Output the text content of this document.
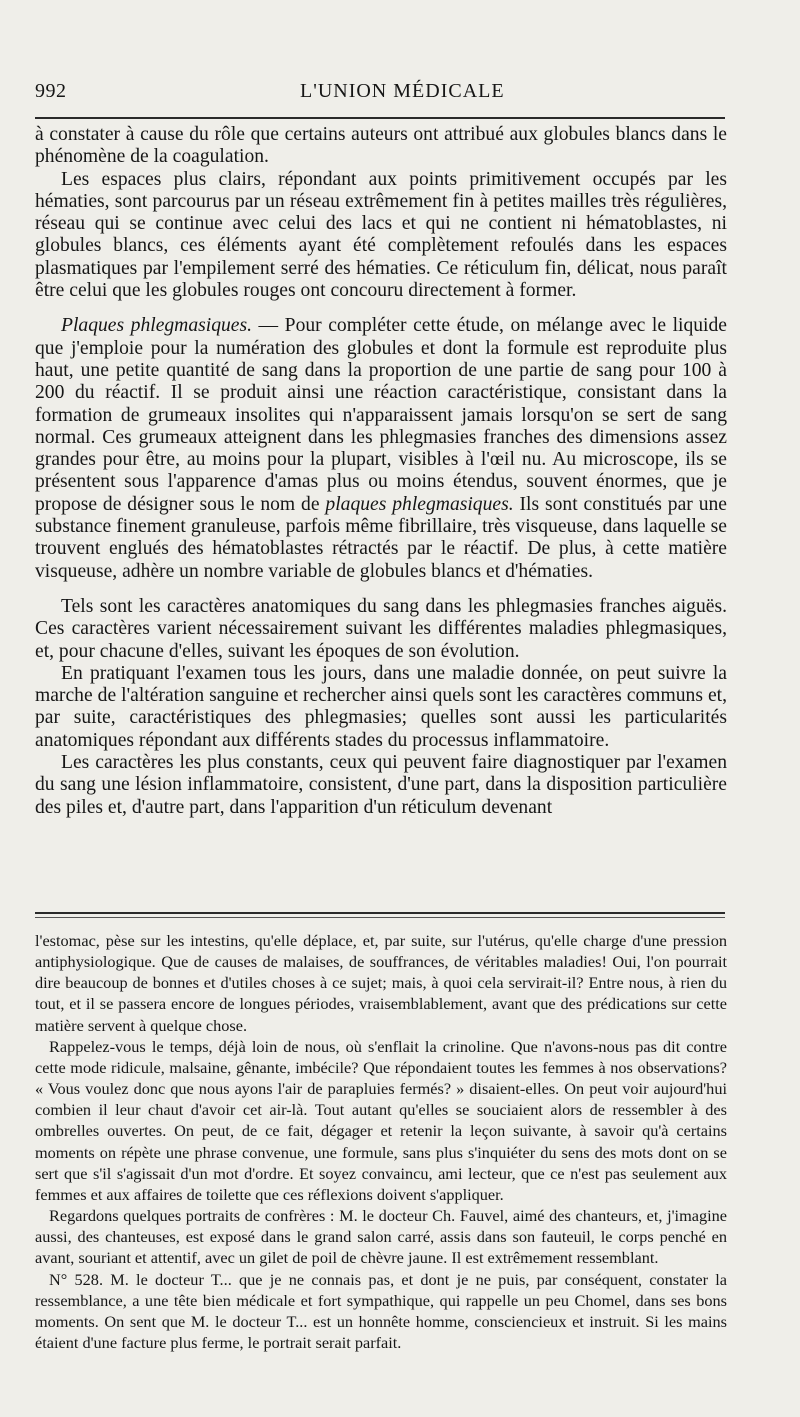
992	L'UNION MÉDICALE

à constater à cause du rôle que certains auteurs ont attribué aux globules blancs dans le phénomène de la coagulation.

Les espaces plus clairs, répondant aux points primitivement occupés par les hématies, sont parcourus par un réseau extrêmement fin à petites mailles très régulières, réseau qui se continue avec celui des lacs et qui ne contient ni hématoblastes, ni globules blancs, ces éléments ayant été complètement refoulés dans les espaces plasmatiques par l'empilement serré des hématies. Ce réticulum fin, délicat, nous paraît être celui que les globules rouges ont concouru directement à former.

Plaques phlegmasiques. — Pour compléter cette étude, on mélange avec le liquide que j'emploie pour la numération des globules et dont la formule est reproduite plus haut, une petite quantité de sang dans la proportion de une partie de sang pour 100 à 200 du réactif. Il se produit ainsi une réaction caractéristique, consistant dans la formation de grumeaux insolites qui n'apparaissent jamais lorsqu'on se sert de sang normal. Ces grumeaux atteignent dans les phlegmasies franches des dimensions assez grandes pour être, au moins pour la plupart, visibles à l'œil nu. Au microscope, ils se présentent sous l'apparence d'amas plus ou moins étendus, souvent énormes, que je propose de désigner sous le nom de plaques phlegmasiques. Ils sont constitués par une substance finement granuleuse, parfois même fibrillaire, très visqueuse, dans laquelle se trouvent englués des hématoblastes rétractés par le réactif. De plus, à cette matière visqueuse, adhère un nombre variable de globules blancs et d'hématies.

Tels sont les caractères anatomiques du sang dans les phlegmasies franches aiguës. Ces caractères varient nécessairement suivant les différentes maladies phlegmasiques, et, pour chacune d'elles, suivant les époques de son évolution.

En pratiquant l'examen tous les jours, dans une maladie donnée, on peut suivre la marche de l'altération sanguine et rechercher ainsi quels sont les caractères communs et, par suite, caractéristiques des phlegmasies; quelles sont aussi les particularités anatomiques répondant aux différents stades du processus inflammatoire.

Les caractères les plus constants, ceux qui peuvent faire diagnostiquer par l'examen du sang une lésion inflammatoire, consistent, d'une part, dans la disposition particulière des piles et, d'autre part, dans l'apparition d'un réticulum devenant

l'estomac, pèse sur les intestins, qu'elle déplace, et, par suite, sur l'utérus, qu'elle charge d'une pression antiphysiologique. Que de causes de malaises, de souffrances, de véritables maladies! Oui, l'on pourrait dire beaucoup de bonnes et d'utiles choses à ce sujet; mais, à quoi cela servirait-il? Entre nous, à rien du tout, et il se passera encore de longues périodes, vraisemblablement, avant que des prédications sur cette matière servent à quelque chose.

Rappelez-vous le temps, déjà loin de nous, où s'enflait la crinoline. Que n'avons-nous pas dit contre cette mode ridicule, malsaine, gênante, imbécile? Que répondaient toutes les femmes à nos observations? « Vous voulez donc que nous ayons l'air de parapluies fermés? » disaient-elles. On peut voir aujourd'hui combien il leur chaut d'avoir cet air-là. Tout autant qu'elles se souciaient alors de ressembler à des ombrelles ouvertes. On peut, de ce fait, dégager et retenir la leçon suivante, à savoir qu'à certains moments on répète une phrase convenue, une formule, sans plus s'inquiéter du sens des mots dont on se sert que s'il s'agissait d'un mot d'ordre. Et soyez convaincu, ami lecteur, que ce n'est pas seulement aux femmes et aux affaires de toilette que ces réflexions doivent s'appliquer.

Regardons quelques portraits de confrères : M. le docteur Ch. Fauvel, aimé des chanteurs, et, j'imagine aussi, des chanteuses, est exposé dans le grand salon carré, assis dans son fauteuil, le corps penché en avant, souriant et attentif, avec un gilet de poil de chèvre jaune. Il est extrêmement ressemblant.

N° 528. M. le docteur T... que je ne connais pas, et dont je ne puis, par conséquent, constater la ressemblance, a une tête bien médicale et fort sympathique, qui rappelle un peu Chomel, dans ses bons moments. On sent que M. le docteur T... est un honnête homme, consciencieux et instruit. Si les mains étaient d'une facture plus ferme, le portrait serait parfait.
